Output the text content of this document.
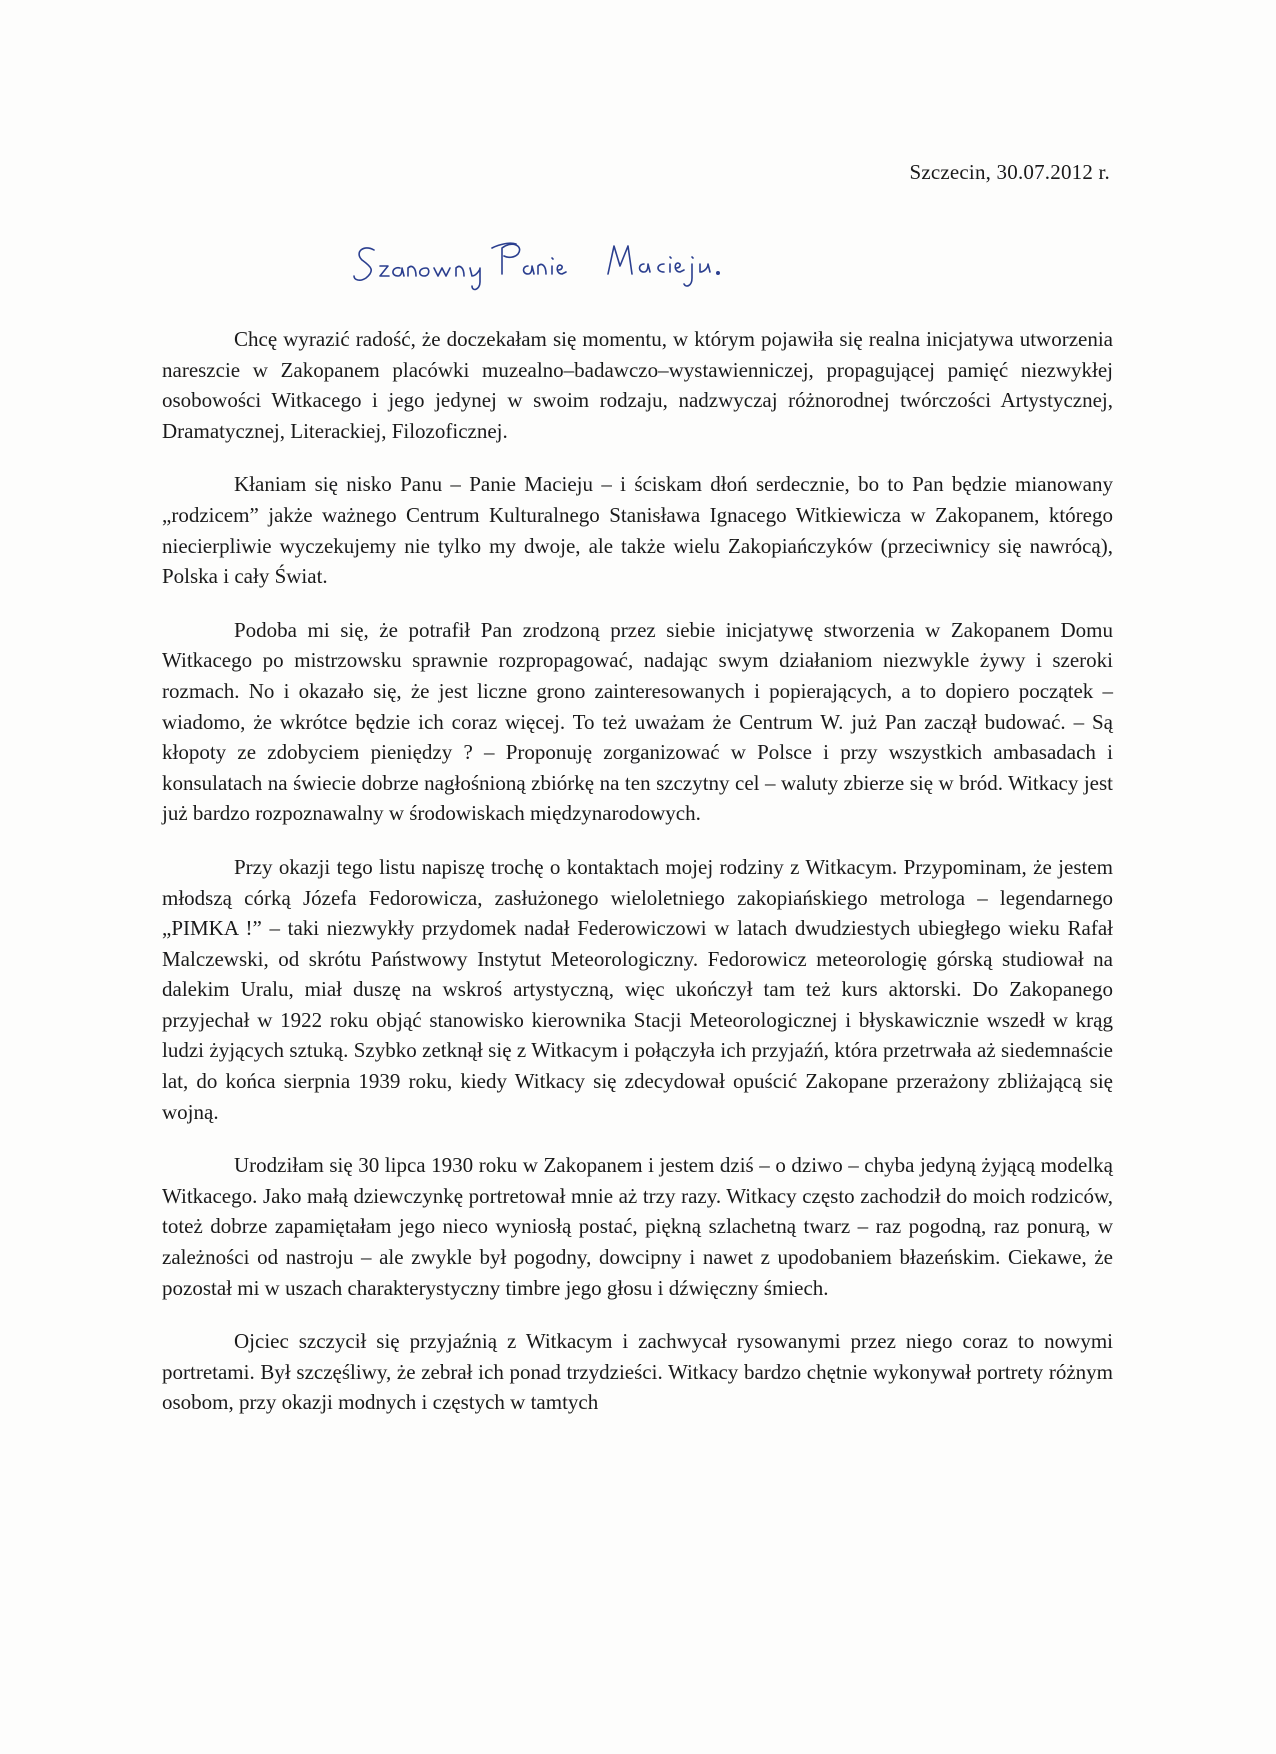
Szczecin, 30.07.2012 r.

Chcę wyrazić radość, że doczekałam się momentu, w którym pojawiła się realna inicjatywa utworzenia nareszcie w Zakopanem placówki muzealno–badawczo–wystawienniczej, propagującej pamięć niezwykłej osobowości Witkacego i jego jedynej w swoim rodzaju, nadzwyczaj różnorodnej twórczości Artystycznej, Dramatycznej, Literackiej, Filozoficznej.

Kłaniam się nisko Panu – Panie Macieju – i ściskam dłoń serdecznie, bo to Pan będzie mianowany „rodzicem” jakże ważnego Centrum Kulturalnego Stanisława Ignacego Witkiewicza w Zakopanem, którego niecierpliwie wyczekujemy nie tylko my dwoje, ale także wielu Zakopiańczyków (przeciwnicy się nawrócą), Polska i cały Świat.

Podoba mi się, że potrafił Pan zrodzoną przez siebie inicjatywę stworzenia w Zakopanem Domu Witkacego po mistrzowsku sprawnie rozpropagować, nadając swym działaniom niezwykle żywy i szeroki rozmach. No i okazało się, że jest liczne grono zainteresowanych i popierających, a to dopiero początek – wiadomo, że wkrótce będzie ich coraz więcej. To też uważam że Centrum W. już Pan zaczął budować. – Są kłopoty ze zdobyciem pieniędzy ? – Proponuję zorganizować w Polsce i przy wszystkich ambasadach i konsulatach na świecie dobrze nagłośnioną zbiórkę na ten szczytny cel – waluty zbierze się w bród. Witkacy jest już bardzo rozpoznawalny w środowiskach międzynarodowych.

Przy okazji tego listu napiszę trochę o kontaktach mojej rodziny z Witkacym. Przypominam, że jestem młodszą córką Józefa Fedorowicza, zasłużonego wieloletniego zakopiańskiego metrologa – legendarnego „PIMKA !” – taki niezwykły przydomek nadał Federowiczowi w latach dwudziestych ubiegłego wieku Rafał Malczewski, od skrótu Państwowy Instytut Meteorologiczny. Fedorowicz meteorologię górską studiował na dalekim Uralu, miał duszę na wskroś artystyczną, więc ukończył tam też kurs aktorski. Do Zakopanego przyjechał w 1922 roku objąć stanowisko kierownika Stacji Meteorologicznej i błyskawicznie wszedł w krąg ludzi żyjących sztuką. Szybko zetknął się z Witkacym i połączyła ich przyjaźń, która przetrwała aż siedemnaście lat, do końca sierpnia 1939 roku, kiedy Witkacy się zdecydował opuścić Zakopane przerażony zbliżającą się wojną.

Urodziłam się 30 lipca 1930 roku w Zakopanem i jestem dziś – o dziwo – chyba jedyną żyjącą modelką Witkacego. Jako małą dziewczynkę portretował mnie aż trzy razy. Witkacy często zachodził do moich rodziców, toteż dobrze zapamiętałam jego nieco wyniosłą postać, piękną szlachetną twarz – raz pogodną, raz ponurą, w zależności od nastroju – ale zwykle był pogodny, dowcipny i nawet z upodobaniem błazeńskim. Ciekawe, że pozostał mi w uszach charakterystyczny timbre jego głosu i dźwięczny śmiech.

Ojciec szczycił się przyjaźnią z Witkacym i zachwycał rysowanymi przez niego coraz to nowymi portretami. Był szczęśliwy, że zebrał ich ponad trzydzieści. Witkacy bardzo chętnie wykonywał portrety różnym osobom, przy okazji modnych i częstych w tamtych
